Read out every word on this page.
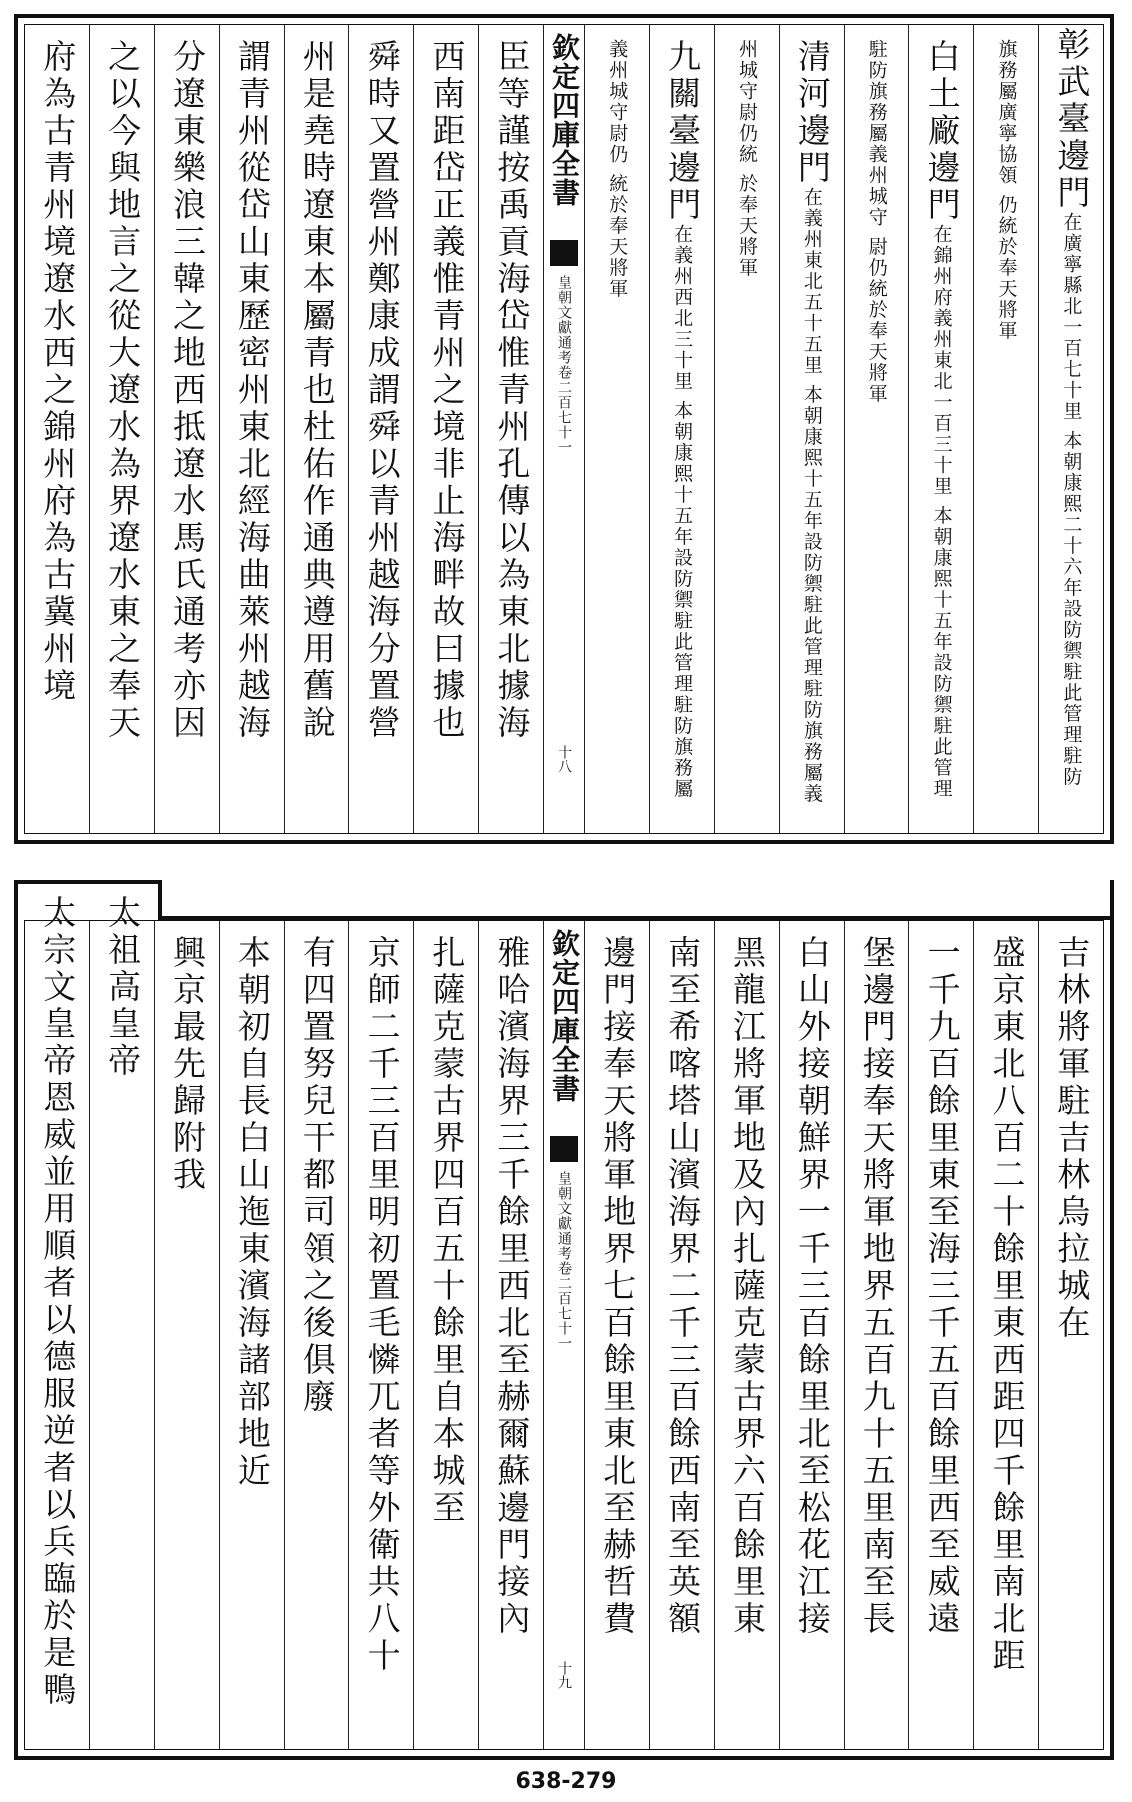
彰武臺邊門在廣寧縣北一百七十里 本朝康熙二十六年設防禦駐此管理駐防
旗務屬廣寧協領 仍統於奉天將軍
白土廠邊門在錦州府義州東北一百三十里 本朝康熙十五年設防禦駐此管理
駐防旗務屬義州城守 尉仍統於奉天將軍
清河邊門在義州東北五十五里 本朝康熙十五年設防禦駐此管理駐防旗務屬義
州城守尉仍統 於奉天將軍
九關臺邊門在義州西北三十里 本朝康熙十五年設防禦駐此管理駐防旗務屬
義州城守尉仍 統於奉天將軍
欽定四庫全書
皇朝文獻通考卷二百七十一
十八
臣等謹按禹貢海岱惟青州孔傳以為東北據海
西南距岱正義惟青州之境非止海畔故曰據也
舜時又置營州鄭康成謂舜以青州越海分置營
州是堯時遼東本屬青也杜佑作通典遵用舊說
謂青州從岱山東歷密州東北經海曲萊州越海
分遼東樂浪三韓之地西抵遼水馬氏通考亦因
之以今與地言之從大遼水為界遼水東之奉天
府為古青州境遼水西之錦州府為古冀州境
吉林將軍駐吉林烏拉城在
盛京東北八百二十餘里東西距四千餘里南北距
一千九百餘里東至海三千五百餘里西至威遠
堡邊門接奉天將軍地界五百九十五里南至長
白山外接朝鮮界一千三百餘里北至松花江接
黑龍江將軍地及內扎薩克蒙古界六百餘里東
南至希喀塔山濱海界二千三百餘西南至英額
邊門接奉天將軍地界七百餘里東北至赫哲費
欽定四庫全書
皇朝文獻通考卷二百七十一
十九
雅哈濱海界三千餘里西北至赫爾蘇邊門接內
扎薩克蒙古界四百五十餘里自本城至
京師二千三百里明初置毛憐兀者等外衛共八十
有四置努兒干都司領之後俱廢
本朝初自長白山迤東濱海諸部地近
興京最先歸附我
太祖高皇帝
太宗文皇帝恩威並用順者以德服逆者以兵臨於是鴨
638-279
